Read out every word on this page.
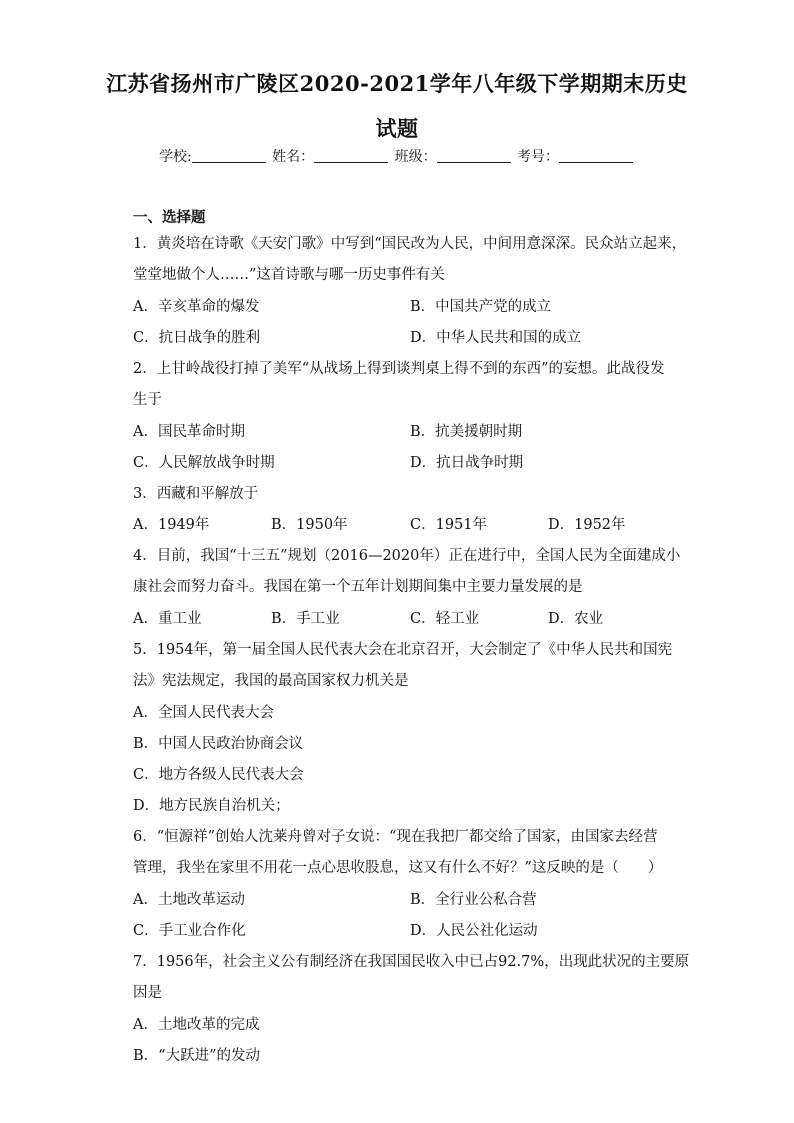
江苏省扬州市广陵区2020-2021学年八年级下学期期末历史
试题
学校:	姓名：	班级：	考号：
一、选择题
1．黄炎培在诗歌《天安门歌》中写到“国民改为人民，中间用意深深。民众站立起来，
堂堂地做个人……”这首诗歌与哪一历史事件有关
A．辛亥革命的爆发	B．中国共产党的成立
C．抗日战争的胜利	D．中华人民共和国的成立
2．上甘岭战役打掉了美军“从战场上得到谈判桌上得不到的东西”的妄想。此战役发
生于
A．国民革命时期	B．抗美援朝时期
C．人民解放战争时期	D．抗日战争时期
3．西藏和平解放于
A．1949年	B．1950年	C．1951年	D．1952年
4．目前，我国“十三五”规划（2016—2020年）正在进行中，全国人民为全面建成小
康社会而努力奋斗。我国在第一个五年计划期间集中主要力量发展的是
A．重工业	B．手工业	C．轻工业	D．农业
5．1954年，第一届全国人民代表大会在北京召开，大会制定了《中华人民共和国宪
法》宪法规定，我国的最高国家权力机关是
A．全国人民代表大会
B．中国人民政治协商会议
C．地方各级人民代表大会
D．地方民族自治机关；
6．“恒源祥”创始人沈莱舟曾对子女说：“现在我把厂都交给了国家，由国家去经营
管理，我坐在家里不用花一点心思收股息，这又有什么不好？”这反映的是（　　）
A．土地改革运动	B．全行业公私合营
C．手工业合作化	D．人民公社化运动
7．1956年，社会主义公有制经济在我国国民收入中已占92.7%，出现此状况的主要原
因是
A．土地改革的完成
B．“大跃进”的发动
